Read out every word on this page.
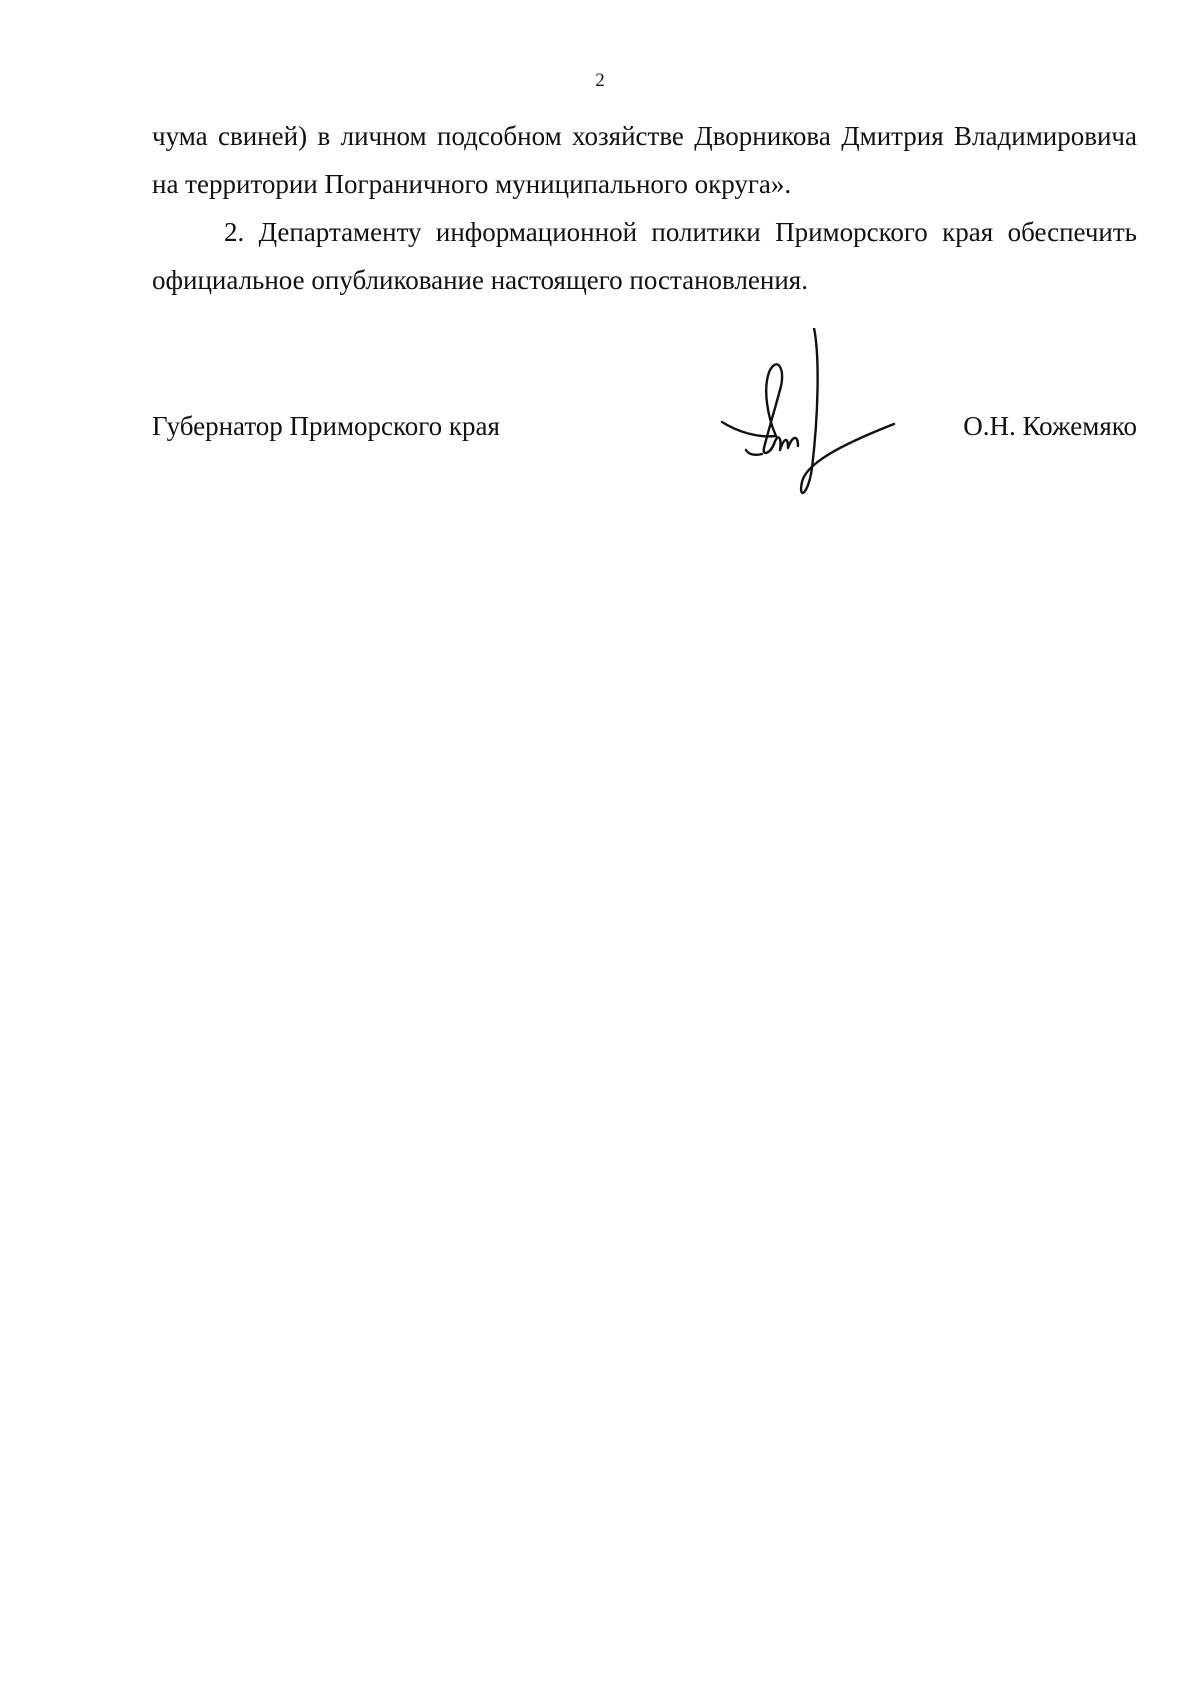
2

чума свиней) в личном подсобном хозяйстве Дворникова Дмитрия Владимировича на территории Пограничного муниципального округа».

2. Департаменту информационной политики Приморского края обеспечить официальное опубликование настоящего постановления.

Губернатор Приморского края	О.Н. Кожемяко
